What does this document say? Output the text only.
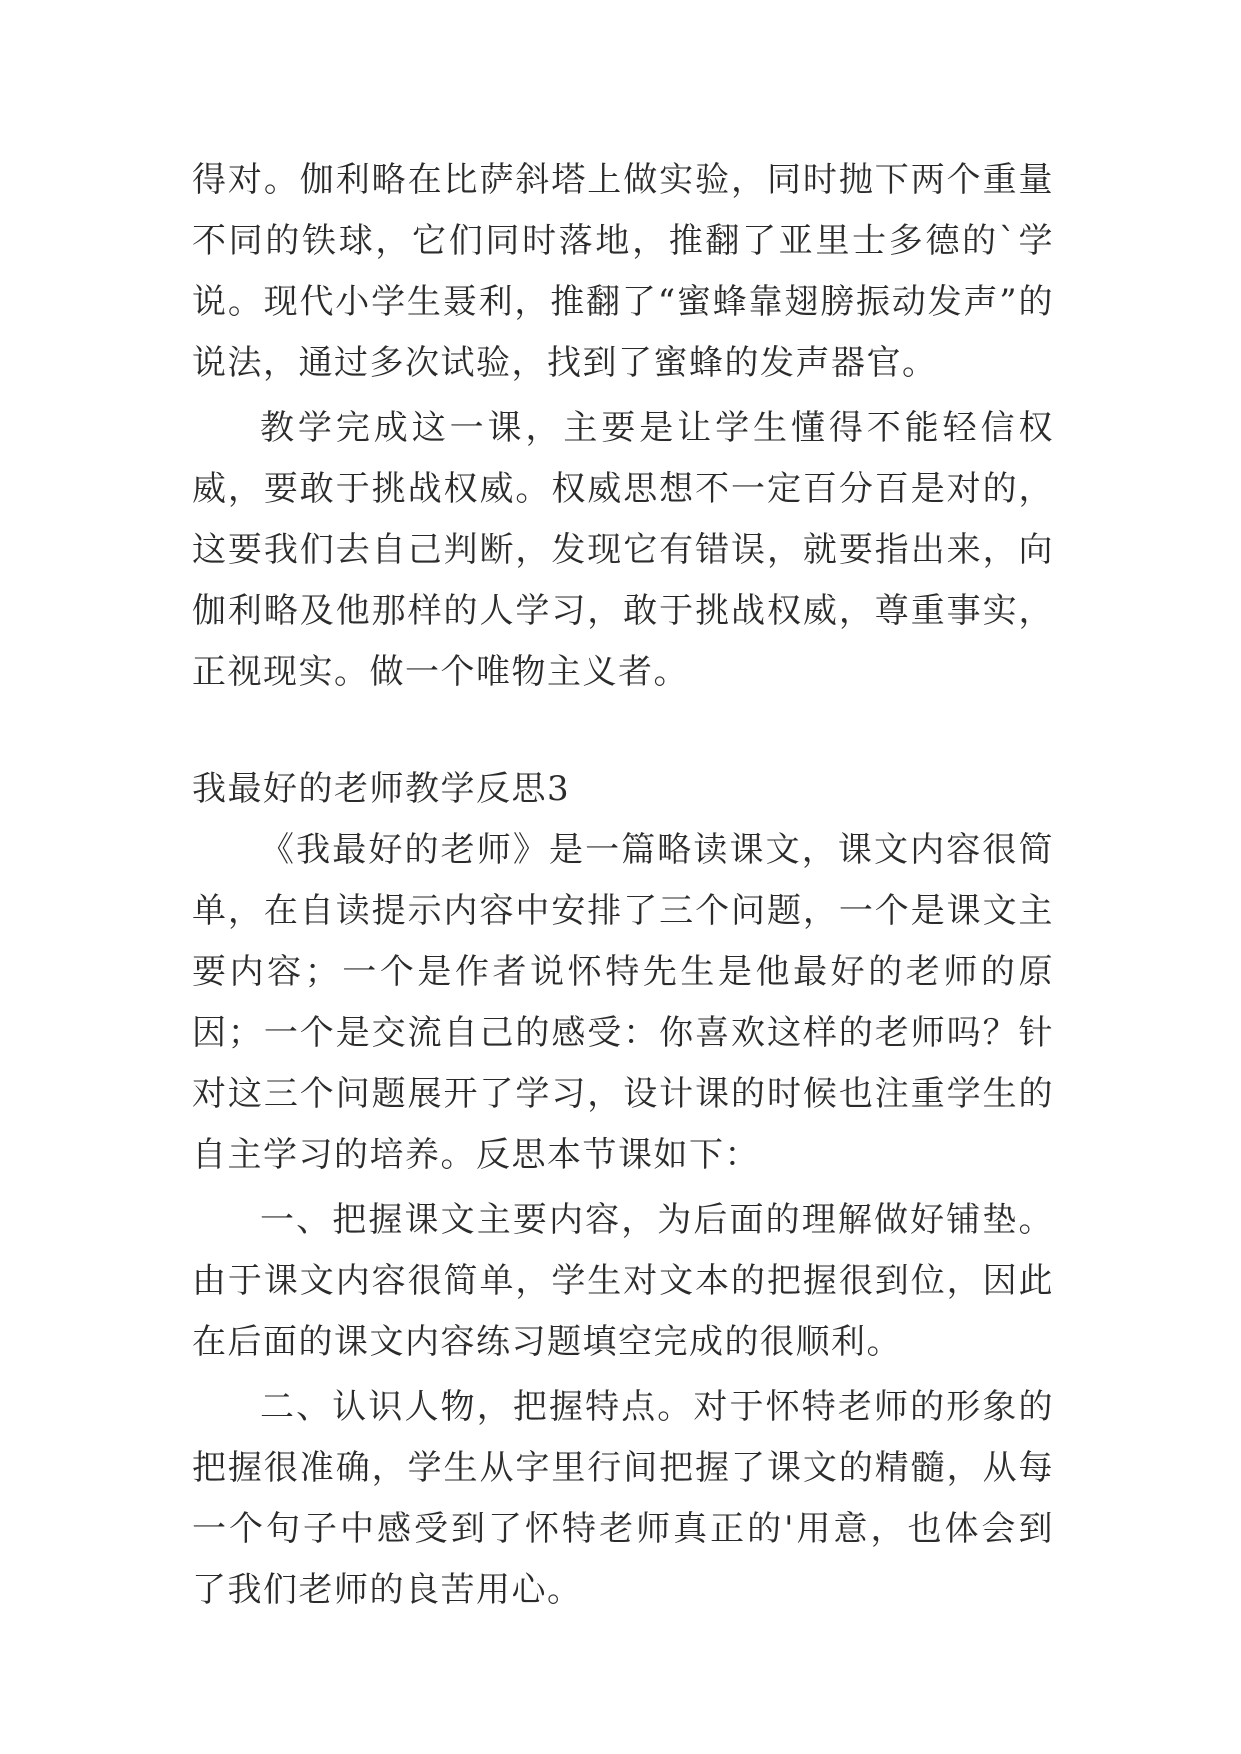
得对。伽利略在比萨斜塔上做实验，同时抛下两个重量不同的铁球，它们同时落地，推翻了亚里士多德的`学说。现代小学生聂利，推翻了“蜜蜂靠翅膀振动发声”的说法，通过多次试验，找到了蜜蜂的发声器官。

教学完成这一课，主要是让学生懂得不能轻信权威，要敢于挑战权威。权威思想不一定百分百是对的，这要我们去自己判断，发现它有错误，就要指出来，向伽利略及他那样的人学习，敢于挑战权威，尊重事实，正视现实。做一个唯物主义者。

我最好的老师教学反思3

《我最好的老师》是一篇略读课文，课文内容很简单，在自读提示内容中安排了三个问题，一个是课文主要内容；一个是作者说怀特先生是他最好的老师的原因；一个是交流自己的感受：你喜欢这样的老师吗？针对这三个问题展开了学习，设计课的时候也注重学生的自主学习的培养。反思本节课如下：

一、把握课文主要内容，为后面的理解做好铺垫。由于课文内容很简单，学生对文本的把握很到位，因此在后面的课文内容练习题填空完成的很顺利。

二、认识人物，把握特点。对于怀特老师的形象的把握很准确，学生从字里行间把握了课文的精髓，从每一个句子中感受到了怀特老师真正的'用意，也体会到了我们老师的良苦用心。
